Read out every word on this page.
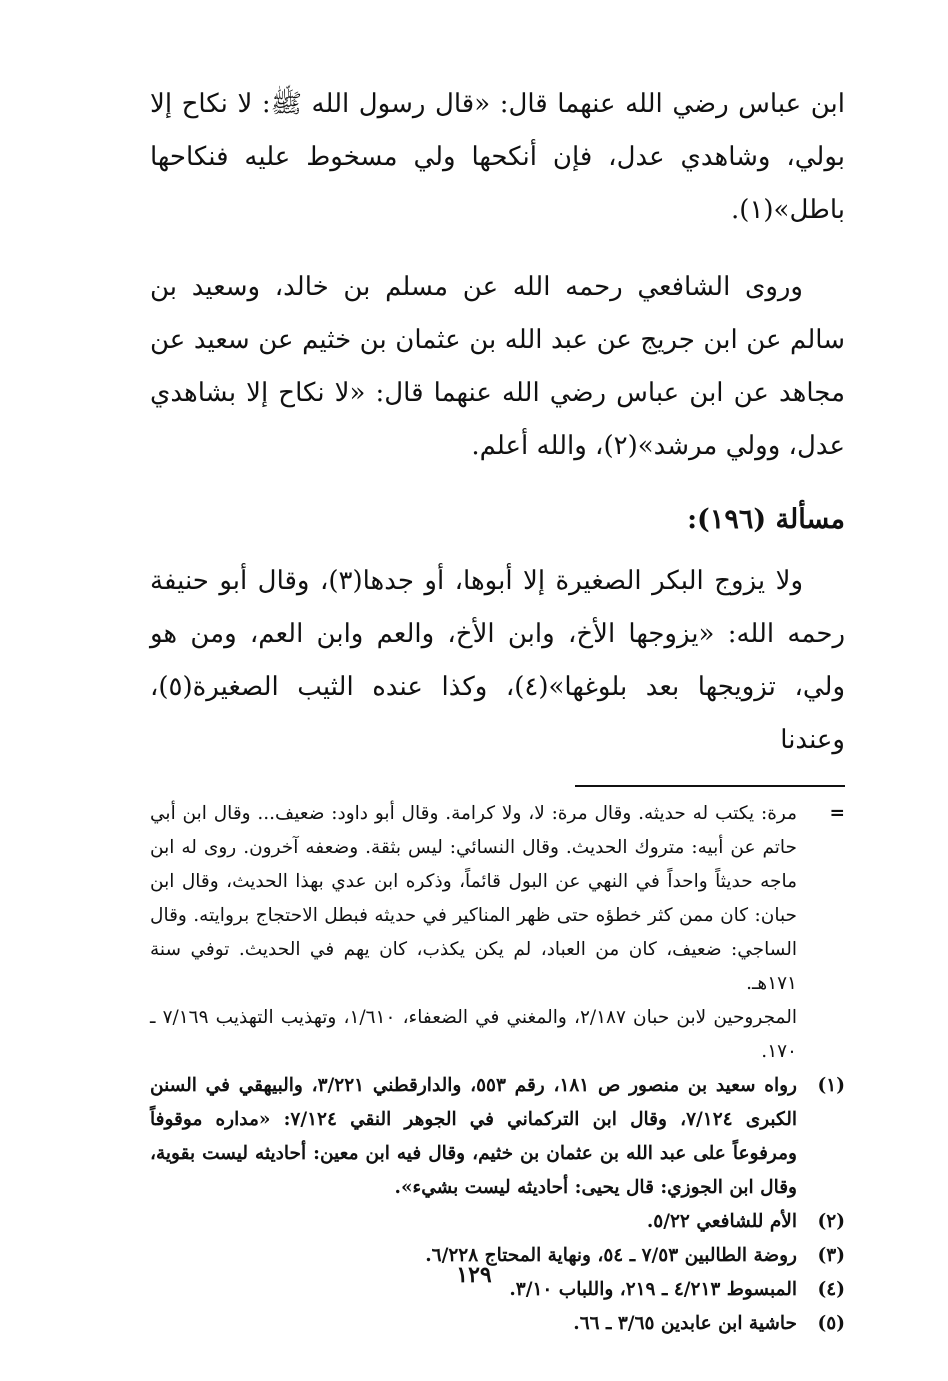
ابن عباس رضي الله عنهما قال: «قال رسول الله ﷺ: لا نكاح إلا بولي، وشاهدي عدل، فإن أنكحها ولي مسخوط عليه فنكاحها باطل»(١).

وروى الشافعي رحمه الله عن مسلم بن خالد، وسعيد بن سالم عن ابن جريج عن عبد الله بن عثمان بن خثيم عن سعيد عن مجاهد عن ابن عباس رضي الله عنهما قال: «لا نكاح إلا بشاهدي عدل، وولي مرشد»(٢)، والله أعلم.

مسألة (١٩٦):

ولا يزوج البكر الصغيرة إلا أبوها، أو جدها(٣)، وقال أبو حنيفة رحمه الله: «يزوجها الأخ، وابن الأخ، والعم وابن العم، ومن هو ولي، تزويجها بعد بلوغها»(٤)، وكذا عنده الثيب الصغيرة(٥)، وعندنا

=
مرة: يكتب له حديثه. وقال مرة: لا، ولا كرامة. وقال أبو داود: ضعيف... وقال ابن أبي حاتم عن أبيه: متروك الحديث. وقال النسائي: ليس بثقة. وضعفه آخرون. روى له ابن ماجه حديثاً واحداً في النهي عن البول قائماً، وذكره ابن عدي بهذا الحديث، وقال ابن حبان: كان ممن كثر خطؤه حتى ظهر المناكير في حديثه فبطل الاحتجاج بروايته. وقال الساجي: ضعيف، كان من العباد، لم يكن يكذب، كان يهم في الحديث. توفي سنة ١٧١هـ.
المجروحين لابن حبان ٢/١٨٧، والمغني في الضعفاء، ١/٦١٠، وتهذيب التهذيب ٧/١٦٩ ـ ١٧٠.

(١)
رواه سعيد بن منصور ص ١٨١، رقم ٥٥٣، والدارقطني ٣/٢٢١، والبيهقي في السنن الكبرى ٧/١٢٤، وقال ابن التركماني في الجوهر النقي ٧/١٢٤: «مداره موقوفاً ومرفوعاً على عبد الله بن عثمان بن خثيم، وقال فيه ابن معين: أحاديثه ليست بقوية، وقال ابن الجوزي: قال يحيى: أحاديثه ليست بشيء».

(٢)
الأم للشافعي ٥/٢٢.

(٣)
روضة الطالبين ٧/٥٣ ـ ٥٤، ونهاية المحتاج ٦/٢٢٨.

(٤)
المبسوط ٤/٢١٣ ـ ٢١٩، واللباب ٣/١٠.

(٥)
حاشية ابن عابدين ٣/٦٥ ـ ٦٦.

١٢٩
